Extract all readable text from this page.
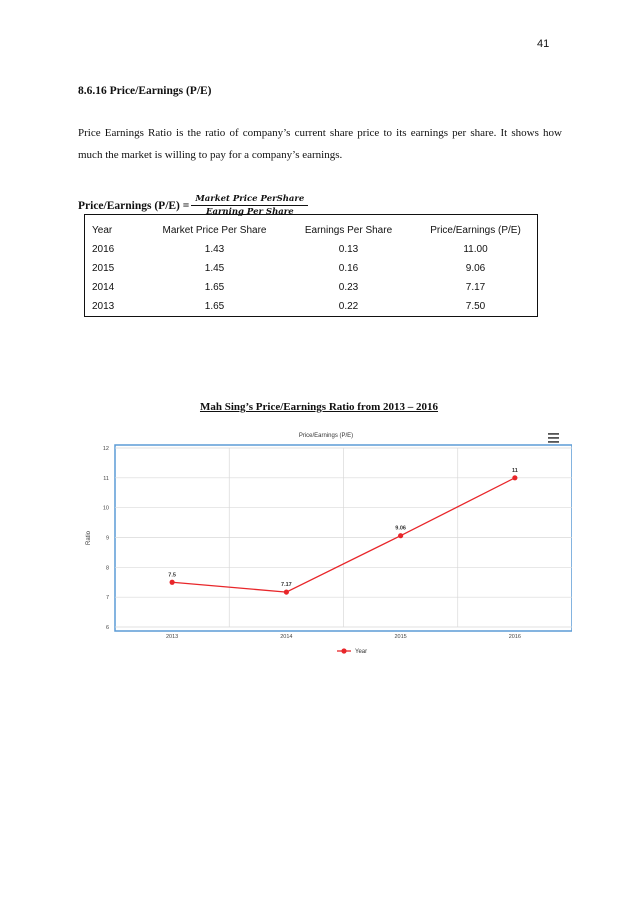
41
8.6.16 Price/Earnings (P/E)
Price Earnings Ratio is the ratio of company’s current share price to its earnings per share. It shows how much the market is willing to pay for a company’s earnings.
Price/Earnings $(P/E) = \frac{\text{Market Price PerShare}}{\text{Earning Per Share}}$
Year	Market Price Per Share	Earnings Per Share	Price/Earnings (P/E)
2016	1.43	0.13	11.00
2015	1.45	0.16	9.06
2014	1.65	0.23	7.17
2013	1.65	0.22	7.50
Mah Sing’s Price/Earnings Ratio from 2013 – 2016
Price/Earnings (P/E)
6
7
8
9
10
11
12
2013	2014	2015	2016
Ratio
7.5
7.17
9.06
11
Year
